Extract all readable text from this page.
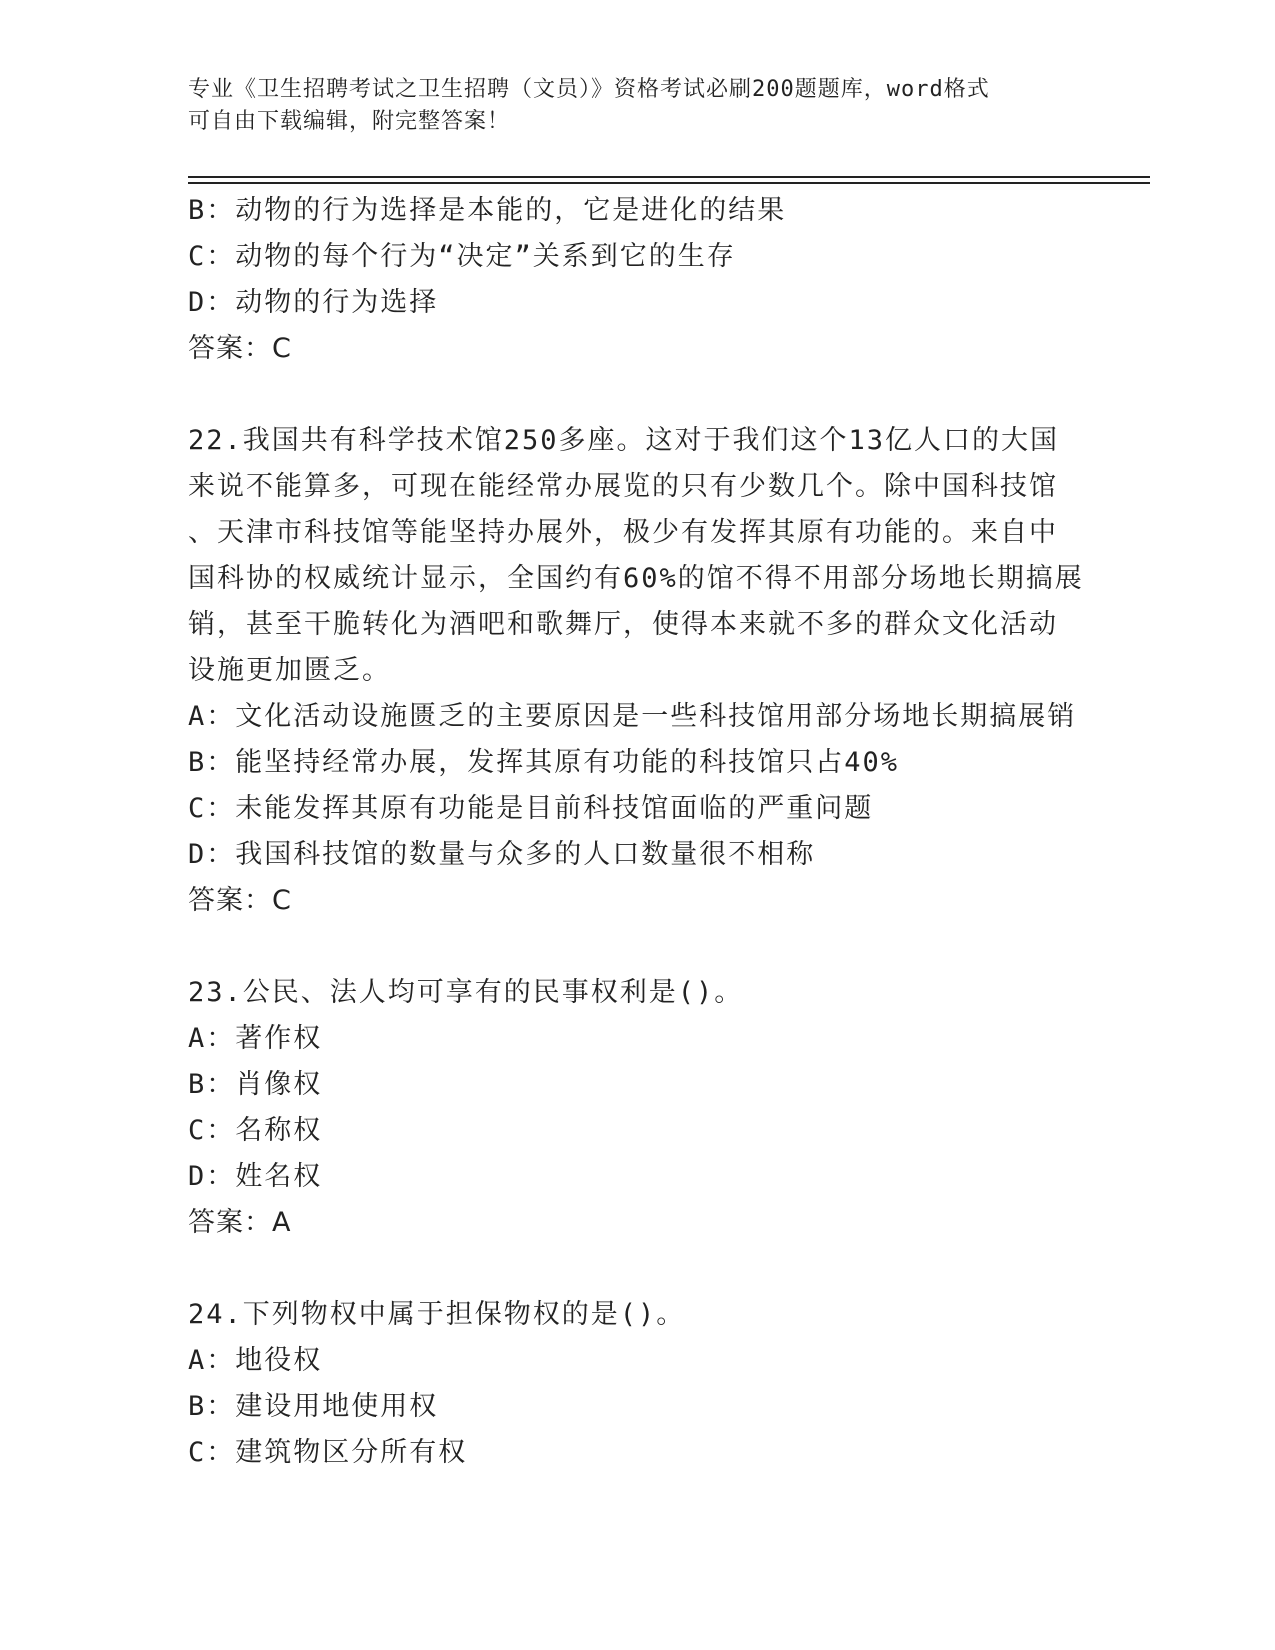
专业《卫生招聘考试之卫生招聘（文员）》资格考试必刷200题题库，word格式
可自由下载编辑，附完整答案！
B：动物的行为选择是本能的，它是进化的结果
C：动物的每个行为“决定”关系到它的生存
D：动物的行为选择
答案：C
22.我国共有科学技术馆250多座。这对于我们这个13亿人口的大国
来说不能算多，可现在能经常办展览的只有少数几个。除中国科技馆
、天津市科技馆等能坚持办展外，极少有发挥其原有功能的。来自中
国科协的权威统计显示，全国约有60%的馆不得不用部分场地长期搞展
销，甚至干脆转化为酒吧和歌舞厅，使得本来就不多的群众文化活动
设施更加匮乏。
A：文化活动设施匮乏的主要原因是一些科技馆用部分场地长期搞展销
B：能坚持经常办展，发挥其原有功能的科技馆只占40%
C：未能发挥其原有功能是目前科技馆面临的严重问题
D：我国科技馆的数量与众多的人口数量很不相称
答案：C
23.公民、法人均可享有的民事权利是()。
A：著作权
B：肖像权
C：名称权
D：姓名权
答案：A
24.下列物权中属于担保物权的是()。
A：地役权
B：建设用地使用权
C：建筑物区分所有权
